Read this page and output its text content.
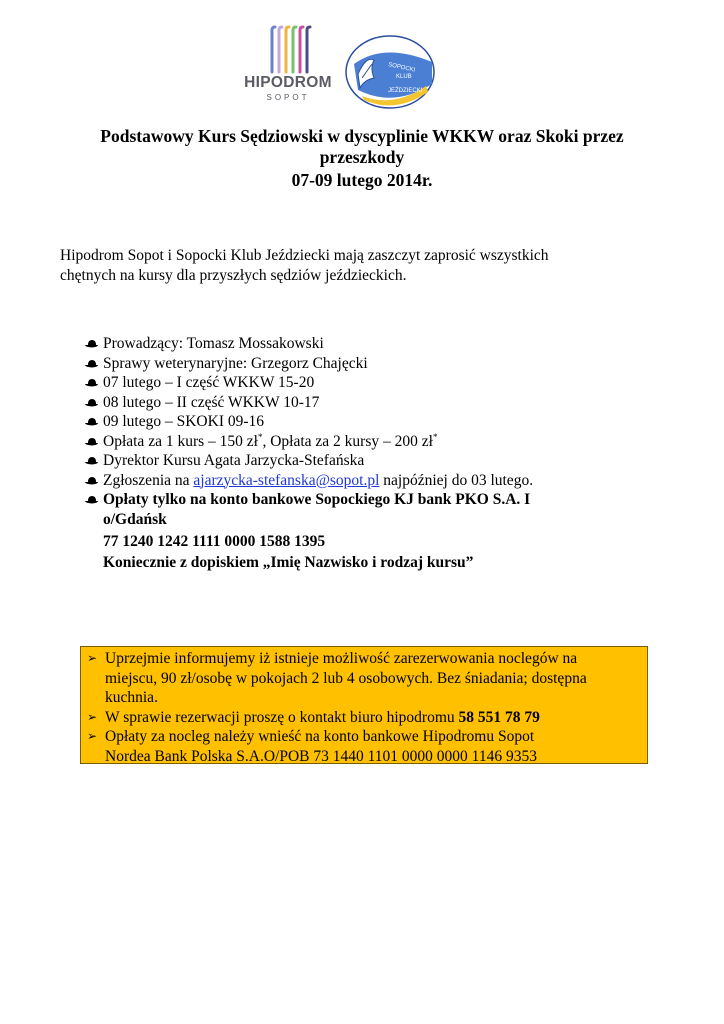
HIPODROM
SOPOT
SOPOCKI
KLUB
JEŹDZIECKI
Podstawowy Kurs Sędziowski w dyscyplinie WKKW oraz Skoki przez
przeszkody
07-09 lutego 2014r.
Hipodrom Sopot i Sopocki Klub Jeździecki mają zaszczyt zaprosić wszystkich
chętnych na kursy dla przyszłych sędziów jeździeckich.
Prowadzący: Tomasz Mossakowski
Sprawy weterynaryjne: Grzegorz Chajęcki
07 lutego – I część WKKW 15-20
08 lutego – II część WKKW 10-17
09 lutego – SKOKI 09-16
Opłata za 1 kurs – 150 zł*, Opłata za 2 kursy – 200 zł*
Dyrektor Kursu Agata Jarzycka-Stefańska
Zgłoszenia na ajarzycka-stefanska@sopot.pl najpóźniej do 03 lutego.
Opłaty tylko na konto bankowe Sopockiego KJ bank PKO S.A. I
o/Gdańsk
77 1240 1242 1111 0000 1588 1395
Koniecznie z dopiskiem „Imię Nazwisko i rodzaj kursu”
➢ Uprzejmie informujemy iż istnieje możliwość zarezerwowania noclegów na
miejscu, 90 zł/osobę w pokojach 2 lub 4 osobowych. Bez śniadania; dostępna
kuchnia.
➢ W sprawie rezerwacji proszę o kontakt biuro hipodromu 58 551 78 79
➢ Opłaty za nocleg należy wnieść na konto bankowe Hipodromu Sopot
Nordea Bank Polska S.A.O/POB 73 1440 1101 0000 0000 1146 9353
